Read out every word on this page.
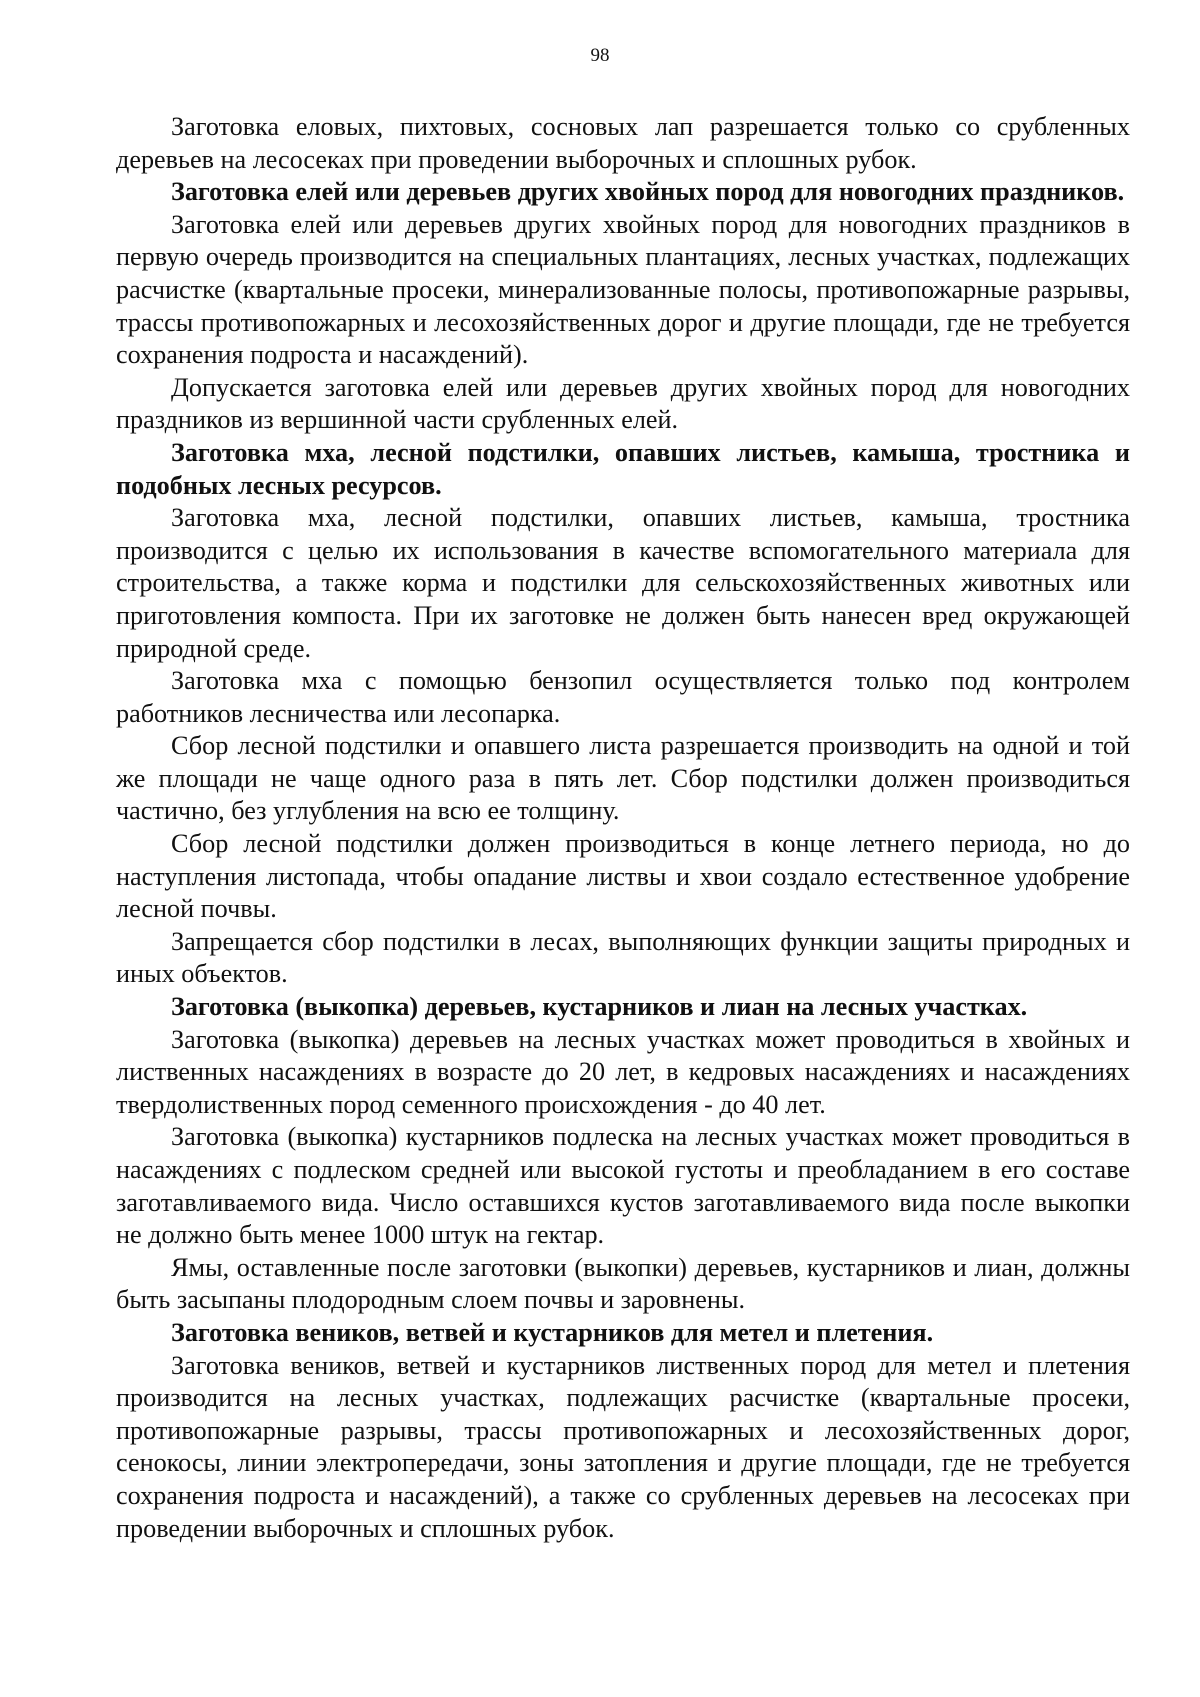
98

Заготовка еловых, пихтовых, сосновых лап разрешается только со срубленных деревьев на лесосеках при проведении выборочных и сплошных рубок.

Заготовка елей или деревьев других хвойных пород для новогодних праздников.

Заготовка елей или деревьев других хвойных пород для новогодних праздников в первую очередь производится на специальных плантациях, лесных участках, подлежащих расчистке (квартальные просеки, минерализованные полосы, противопожарные разрывы, трассы противопожарных и лесохозяйственных дорог и другие площади, где не требуется сохранения подроста и насаждений).

Допускается заготовка елей или деревьев других хвойных пород для новогодних праздников из вершинной части срубленных елей.

Заготовка мха, лесной подстилки, опавших листьев, камыша, тростника и подобных лесных ресурсов.

Заготовка мха, лесной подстилки, опавших листьев, камыша, тростника производится с целью их использования в качестве вспомогательного материала для строительства, а также корма и подстилки для сельскохозяйственных животных или приготовления компоста. При их заготовке не должен быть нанесен вред окружающей природной среде.

Заготовка мха с помощью бензопил осуществляется только под контролем работников лесничества или лесопарка.

Сбор лесной подстилки и опавшего листа разрешается производить на одной и той же площади не чаще одного раза в пять лет. Сбор подстилки должен производиться частично, без углубления на всю ее толщину.

Сбор лесной подстилки должен производиться в конце летнего периода, но до наступления листопада, чтобы опадание листвы и хвои создало естественное удобрение лесной почвы.

Запрещается сбор подстилки в лесах, выполняющих функции защиты природных и иных объектов.

Заготовка (выкопка) деревьев, кустарников и лиан на лесных участках.

Заготовка (выкопка) деревьев на лесных участках может проводиться в хвойных и лиственных насаждениях в возрасте до 20 лет, в кедровых насаждениях и насаждениях твердолиственных пород семенного происхождения - до 40 лет.

Заготовка (выкопка) кустарников подлеска на лесных участках может проводиться в насаждениях с подлеском средней или высокой густоты и преобладанием в его составе заготавливаемого вида. Число оставшихся кустов заготавливаемого вида после выкопки не должно быть менее 1000 штук на гектар.

Ямы, оставленные после заготовки (выкопки) деревьев, кустарников и лиан, должны быть засыпаны плодородным слоем почвы и заровнены.

Заготовка веников, ветвей и кустарников для метел и плетения.

Заготовка веников, ветвей и кустарников лиственных пород для метел и плетения производится на лесных участках, подлежащих расчистке (квартальные просеки, противопожарные разрывы, трассы противопожарных и лесохозяйственных дорог, сенокосы, линии электропередачи, зоны затопления и другие площади, где не требуется сохранения подроста и насаждений), а также со срубленных деревьев на лесосеках при проведении выборочных и сплошных рубок.
